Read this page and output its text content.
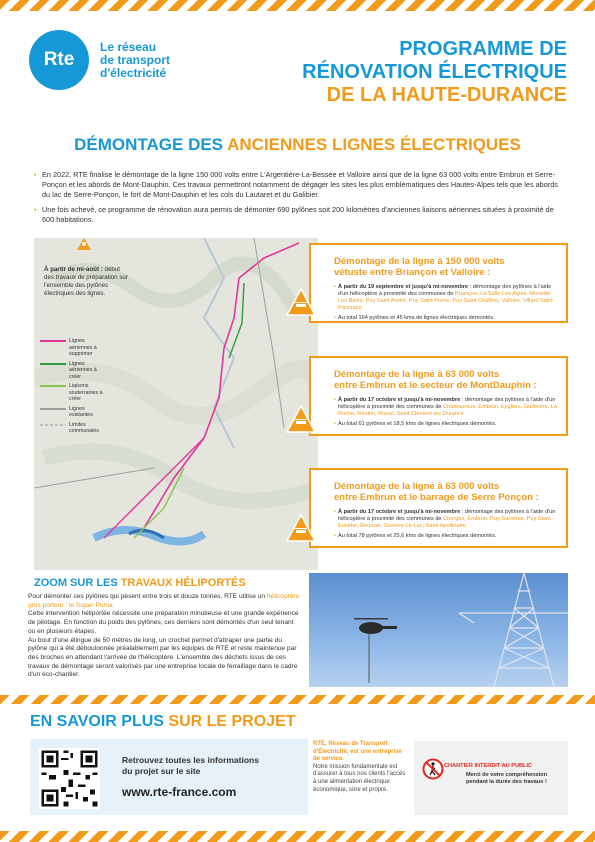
Rte
Le réseau
de transport
d'électricité
PROGRAMME DE
RÉNOVATION ÉLECTRIQUE
DE LA HAUTE-DURANCE
DÉMONTAGE DES ANCIENNES LIGNES ÉLECTRIQUES
• En 2022, RTE finalise le démontage de la ligne 150 000 volts entre L'Argentière-La-Bessée et Valloire ainsi que de la ligne 63 000 volts entre Embrun et Serre-Ponçon et les abords de Mont-Dauphin. Ces travaux permettront notamment de dégager les sites les plus emblématiques des Hautes-Alpes tels que les abords du lac de Serre-Ponçon, le fort de Mont-Dauphin et les cols du Lautaret et du Galibier.
• Une fois achevé, ce programme de rénovation aura permis de démonter 690 pylônes soit 200 kilomètres d'anciennes liaisons aériennes situées à proximité de 600 habitations.
À partir de mi-août : début des travaux de préparation sur l'ensemble des pylônes électriques des lignes.
Lignes aériennes à supprimer
Lignes aériennes à créer
Liaisons souterraines à créer
Lignes existantes
Limites communales
Démontage de la ligne à 150 000 volts
vétuste entre Briançon et Valloire :
• À partir du 19 septembre et jusqu'à mi-novembre : démontage des pylônes à l'aide d'un hélicoptère à proximité des communes de Briançon, La Salle Les Alpes, Monetier Les Bains, Puy Saint André, Puy Saint Pierre, Puy Saint Chaffrey, Valloire, Villard Saint Pancrace.
• Au total 164 pylônes et 45 kms de lignes électriques démontés.
Démontage de la ligne à 63 000 volts
entre Embrun et le secteur de MontDauphin :
• À partir du 17 octobre et jusqu'à mi-novembre : démontage des pylônes à l'aide d'un hélicoptère à proximité des communes de Châteauroux, Embrun, Eygliers, Guillestre, La Roche, Réotier, Risoul, Saint Clément sur Durance.
• Au total 61 pylônes et 18,5 kms de lignes électriques démontés.
Démontage de la ligne à 63 000 volts
entre Embrun et le barrage de Serre Ponçon :
• À partir du 17 octobre et jusqu'à mi-novembre : démontage des pylônes à l'aide d'un hélicoptère à proximité des communes de Chorges, Embrun, Puy-Sanières, Puy Saint Eusèbe, Rousset, Savines-Le-Lac, Saint Apollinaire.
• Au total 78 pylônes et 25,6 kms de lignes électriques démontés.
ZOOM SUR LES TRAVAUX HÉLIPORTÉS
Pour démonter ces pylônes qui pèsent entre trois et douze tonnes, RTE utilise un hélicoptère gros porteur : le Super Puma.
Cette intervention héliportée nécessite une préparation minutieuse et une grande expérience de pilotage. En fonction du poids des pylônes, ces derniers sont démontés d'un seul tenant ou en plusieurs étapes.
Au bout d'une élingue de 50 mètres de long, un crochet permet d'attraper une partie du pylône qui a été déboulonnée préalablement par les équipes de RTE et reste maintenue par des broches en attendant l'arrivée de l'hélicoptère. L'ensemble des déchets issus de ces travaux de démontage seront valorisés par une entreprise locale de ferraillage dans le cadre d'un éco-chantier.
EN SAVOIR PLUS SUR LE PROJET
Retrouvez toutes les informations
du projet sur le site
www.rte-france.com
RTE, Réseau de Transport d'Électricité, est une entreprise de service.
Notre mission fondamentale est d'assurer à tous nos clients l'accès à une alimentation électrique économique, sûre et propre.
CHANTIER INTERDIT AU PUBLIC
Merci de votre compréhension pendant la durée des travaux !
